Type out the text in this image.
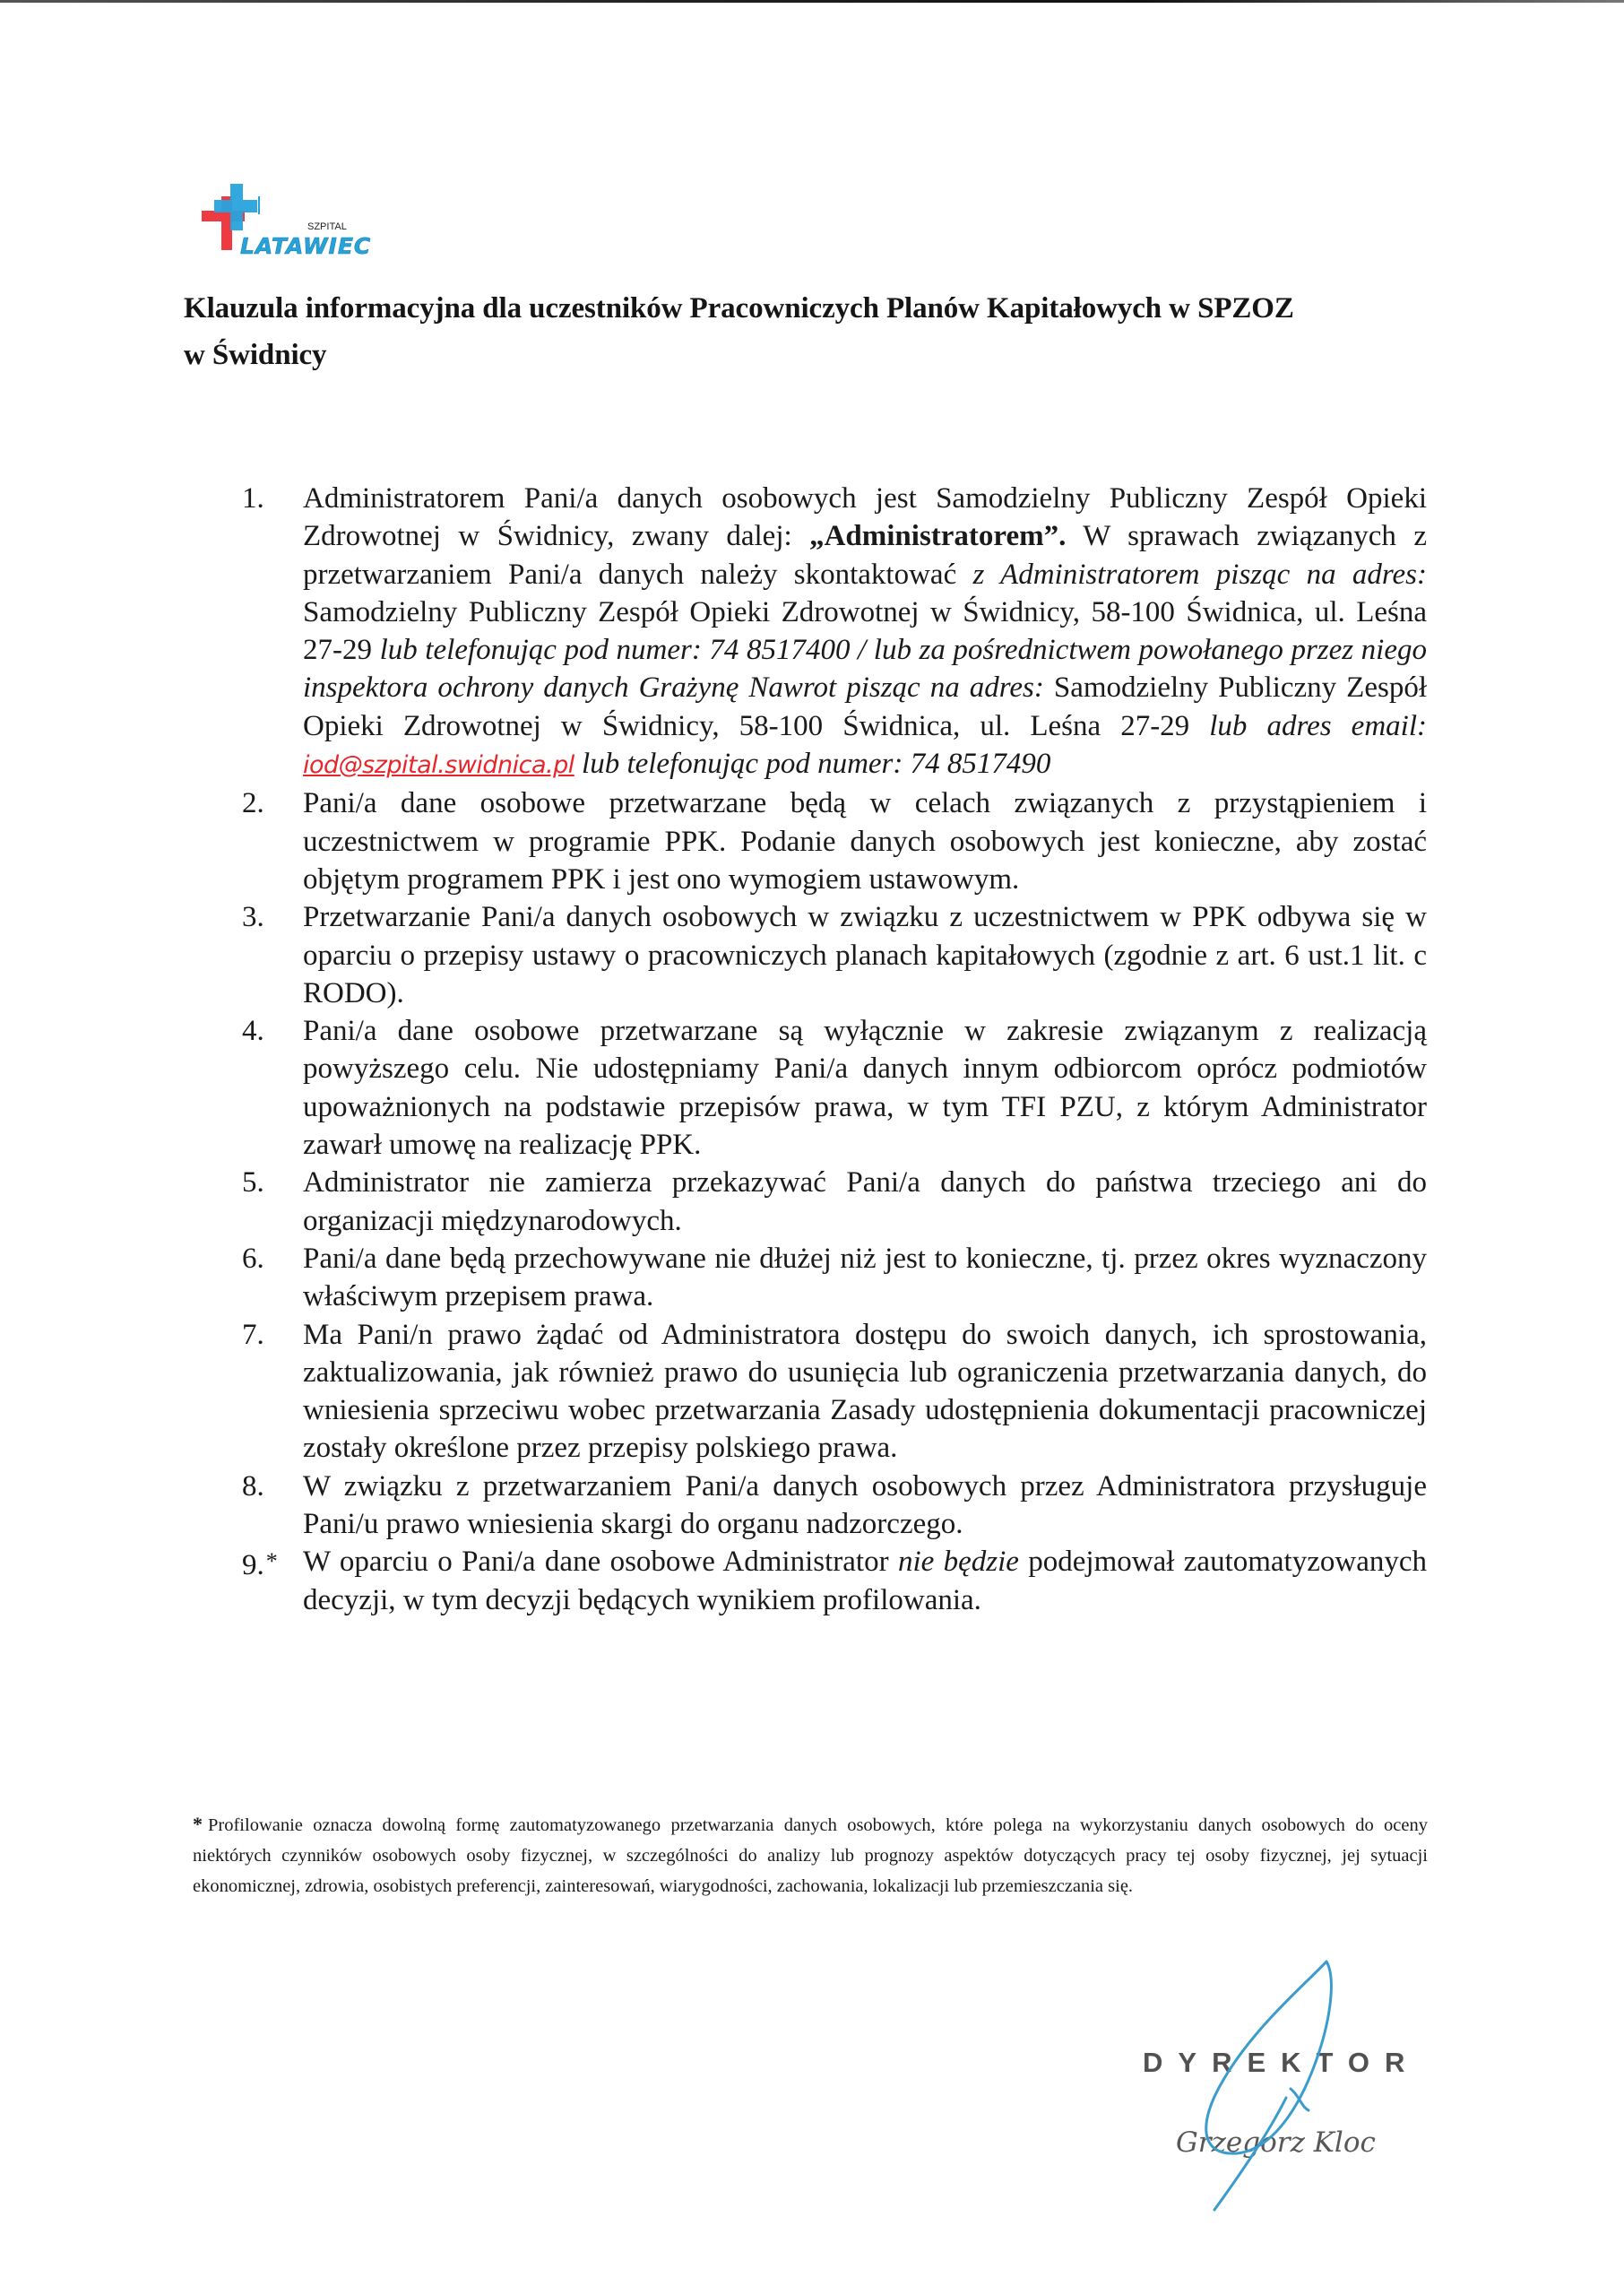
SZPITAL
LATAWIEC
Klauzula informacyjna dla uczestników Pracowniczych Planów Kapitałowych w SPZOZ
w Świdnicy
1.	Administratorem Pani/a danych osobowych jest Samodzielny Publiczny Zespół Opieki Zdrowotnej w Świdnicy, zwany dalej: „Administratorem”. W sprawach związanych z przetwarzaniem Pani/a danych należy skontaktować z Administratorem pisząc na adres: Samodzielny Publiczny Zespół Opieki Zdrowotnej w Świdnicy, 58-100 Świdnica, ul. Leśna 27-29 lub telefonując pod numer: 74 8517400 / lub za pośrednictwem powołanego przez niego inspektora ochrony danych Grażynę Nawrot pisząc na adres: Samodzielny Publiczny Zespół Opieki Zdrowotnej w Świdnicy, 58-100 Świdnica, ul. Leśna 27-29 lub adres email: iod@szpital.swidnica.pl lub telefonując pod numer: 74 8517490
2.	Pani/a dane osobowe przetwarzane będą w celach związanych z przystąpieniem i uczestnictwem w programie PPK. Podanie danych osobowych jest konieczne, aby zostać objętym programem PPK i jest ono wymogiem ustawowym.
3.	Przetwarzanie Pani/a danych osobowych w związku z uczestnictwem w PPK odbywa się w oparciu o przepisy ustawy o pracowniczych planach kapitałowych (zgodnie z art. 6 ust.1 lit. c RODO).
4.	Pani/a dane osobowe przetwarzane są wyłącznie w zakresie związanym z realizacją powyższego celu. Nie udostępniamy Pani/a danych innym odbiorcom oprócz podmiotów upoważnionych na podstawie przepisów prawa, w tym TFI PZU, z którym Administrator zawarł umowę na realizację PPK.
5.	Administrator nie zamierza przekazywać Pani/a danych do państwa trzeciego ani do organizacji międzynarodowych.
6.	Pani/a dane będą przechowywane nie dłużej niż jest to konieczne, tj. przez okres wyznaczony właściwym przepisem prawa.
7.	Ma Pani/n prawo żądać od Administratora dostępu do swoich danych, ich sprostowania, zaktualizowania, jak również prawo do usunięcia lub ograniczenia przetwarzania danych, do wniesienia sprzeciwu wobec przetwarzania Zasady udostępnienia dokumentacji pracowniczej zostały określone przez przepisy polskiego prawa.
8.	W związku z przetwarzaniem Pani/a danych osobowych przez Administratora przysługuje Pani/u prawo wniesienia skargi do organu nadzorczego.
9.* W oparciu o Pani/a dane osobowe Administrator nie będzie podejmował zautomatyzowanych decyzji, w tym decyzji będących wynikiem profilowania.
* Profilowanie oznacza dowolną formę zautomatyzowanego przetwarzania danych osobowych, które polega na wykorzystaniu danych osobowych do oceny niektórych czynników osobowych osoby fizycznej, w szczególności do analizy lub prognozy aspektów dotyczących pracy tej osoby fizycznej, jej sytuacji ekonomicznej, zdrowia, osobistych preferencji, zainteresowań, wiarygodności, zachowania, lokalizacji lub przemieszczania się.
DYREKTOR
Grzegorz Kloc
